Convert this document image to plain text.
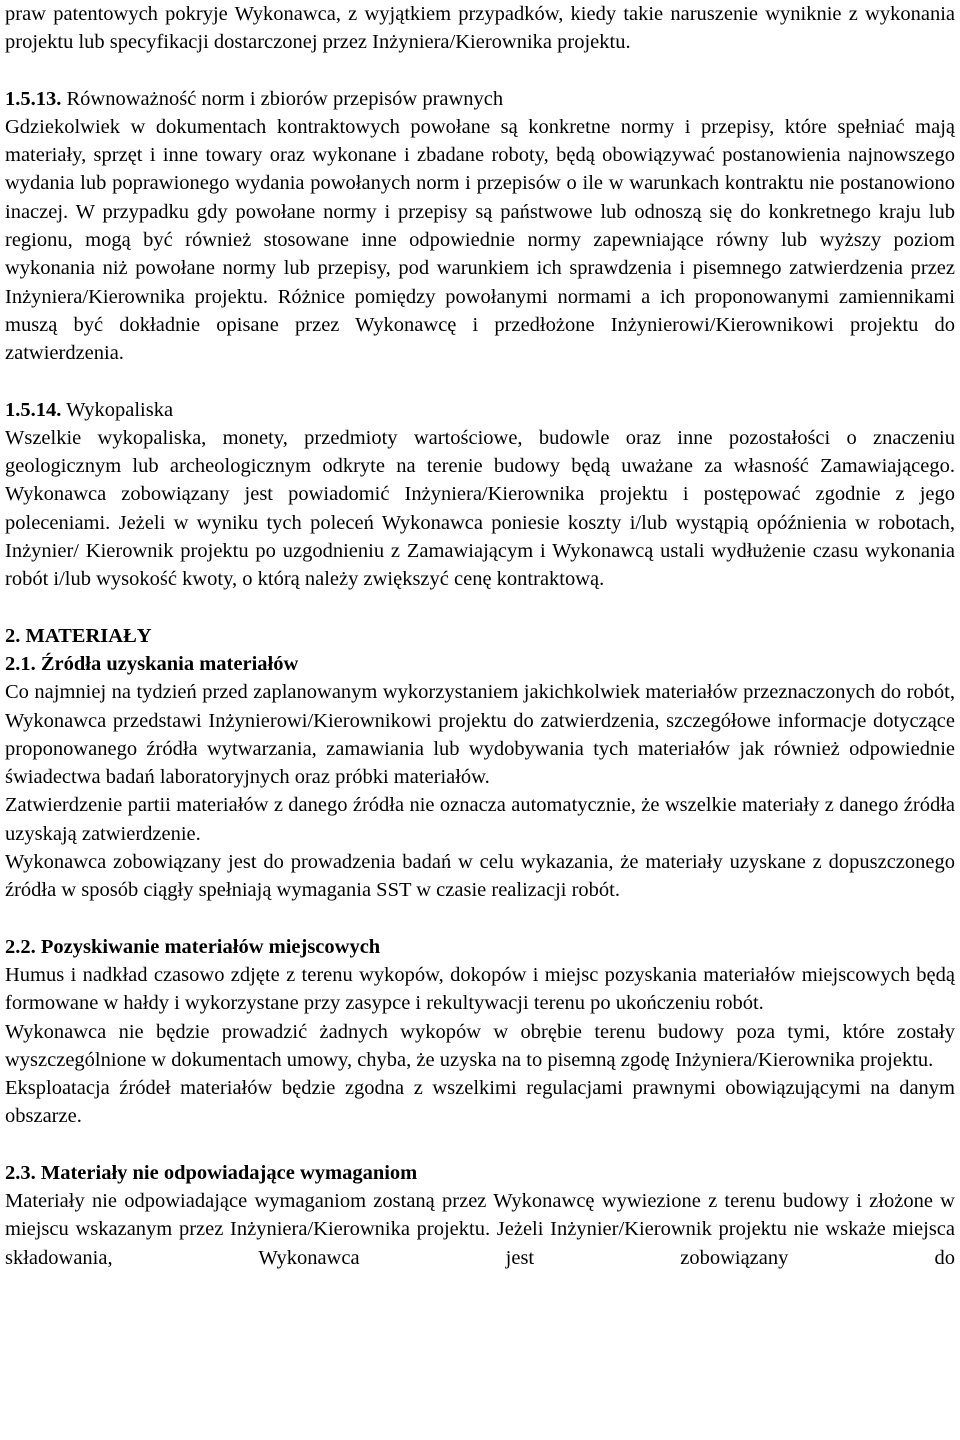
praw patentowych pokryje Wykonawca, z wyjątkiem przypadków, kiedy takie naruszenie wyniknie z wykonania projektu lub specyfikacji dostarczonej przez Inżyniera/Kierownika projektu.

1.5.13. Równoważność norm i zbiorów przepisów prawnych

Gdziekolwiek w dokumentach kontraktowych powołane są konkretne normy i przepisy, które spełniać mają materiały, sprzęt i inne towary oraz wykonane i zbadane roboty, będą obowiązywać postanowienia najnowszego wydania lub poprawionego wydania powołanych norm i przepisów o ile w warunkach kontraktu nie postanowiono inaczej. W przypadku gdy powołane normy i przepisy są państwowe lub odnoszą się do konkretnego kraju lub regionu, mogą być również stosowane inne odpowiednie normy zapewniające równy lub wyższy poziom wykonania niż powołane normy lub przepisy, pod warunkiem ich sprawdzenia i pisemnego zatwierdzenia przez Inżyniera/Kierownika projektu. Różnice pomiędzy powołanymi normami a ich proponowanymi zamiennikami muszą być dokładnie opisane przez Wykonawcę i przedłożone Inżynierowi/Kierownikowi projektu do zatwierdzenia.

1.5.14. Wykopaliska

Wszelkie wykopaliska, monety, przedmioty wartościowe, budowle oraz inne pozostałości o znaczeniu geologicznym lub archeologicznym odkryte na terenie budowy będą uważane za własność Zamawiającego. Wykonawca zobowiązany jest powiadomić Inżyniera/Kierownika projektu i postępować zgodnie z jego poleceniami. Jeżeli w wyniku tych poleceń Wykonawca poniesie koszty i/lub wystąpią opóźnienia w robotach, Inżynier/ Kierownik projektu po uzgodnieniu z Zamawiającym i Wykonawcą ustali wydłużenie czasu wykonania robót i/lub wysokość kwoty, o którą należy zwiększyć cenę kontraktową.

2. MATERIAŁY

2.1. Źródła uzyskania materiałów

Co najmniej na tydzień przed zaplanowanym wykorzystaniem jakichkolwiek materiałów przeznaczonych do robót, Wykonawca przedstawi Inżynierowi/Kierownikowi projektu do zatwierdzenia, szczegółowe informacje dotyczące proponowanego źródła wytwarzania, zamawiania lub wydobywania tych materiałów jak również odpowiednie świadectwa badań laboratoryjnych oraz próbki materiałów.

Zatwierdzenie partii materiałów z danego źródła nie oznacza automatycznie, że wszelkie materiały z danego źródła uzyskają zatwierdzenie.

Wykonawca zobowiązany jest do prowadzenia badań w celu wykazania, że materiały uzyskane z dopuszczonego źródła w sposób ciągły spełniają wymagania SST w czasie realizacji robót.

2.2. Pozyskiwanie materiałów miejscowych

Humus i nadkład czasowo zdjęte z terenu wykopów, dokopów i miejsc pozyskania materiałów miejscowych będą formowane w hałdy i wykorzystane przy zasypce i rekultywacji terenu po ukończeniu robót.

Wykonawca nie będzie prowadzić żadnych wykopów w obrębie terenu budowy poza tymi, które zostały wyszczególnione w dokumentach umowy, chyba, że uzyska na to pisemną zgodę Inżyniera/Kierownika projektu.

Eksploatacja źródeł materiałów będzie zgodna z wszelkimi regulacjami prawnymi obowiązującymi na danym obszarze.

2.3. Materiały nie odpowiadające wymaganiom

Materiały nie odpowiadające wymaganiom zostaną przez Wykonawcę wywiezione z terenu budowy i złożone w miejscu wskazanym przez Inżyniera/Kierownika projektu. Jeżeli Inżynier/Kierownik projektu nie wskaże miejsca składowania, Wykonawca jest zobowiązany do
